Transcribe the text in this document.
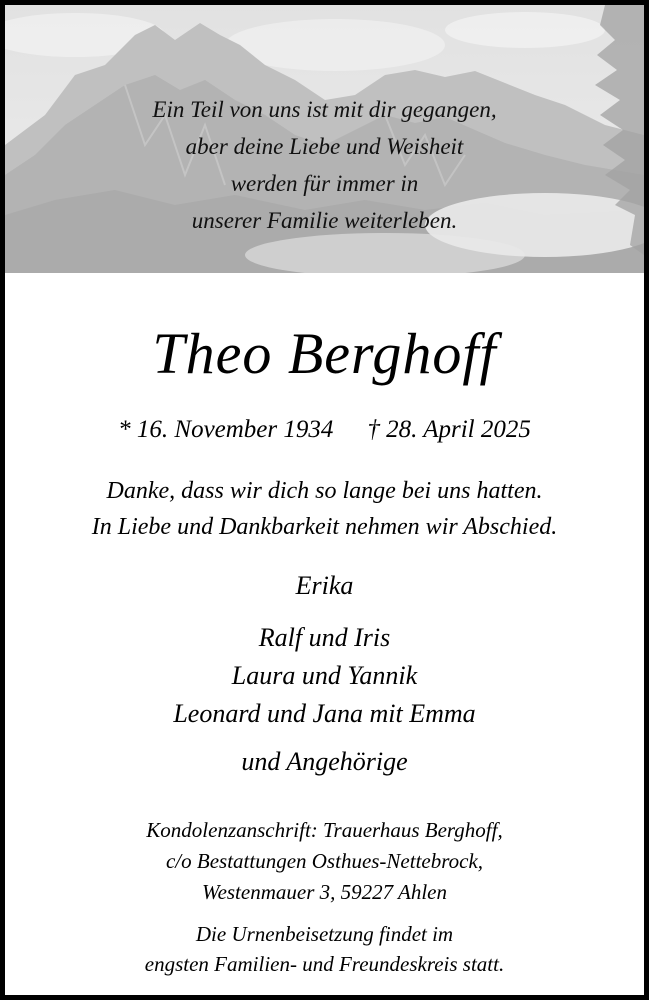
Ein Teil von uns ist mit dir gegangen,
aber deine Liebe und Weisheit
werden für immer in
unserer Familie weiterleben.
Theo Berghoff
* 16. November 1934 † 28. April 2025
Danke, dass wir dich so lange bei uns hatten.
In Liebe und Dankbarkeit nehmen wir Abschied.
Erika
Ralf und Iris
Laura und Yannik
Leonard und Jana mit Emma
und Angehörige
Kondolenzanschrift: Trauerhaus Berghoff,
c/o Bestattungen Osthues-Nettebrock,
Westenmauer 3, 59227 Ahlen
Die Urnenbeisetzung findet im
engsten Familien- und Freundeskreis statt.
